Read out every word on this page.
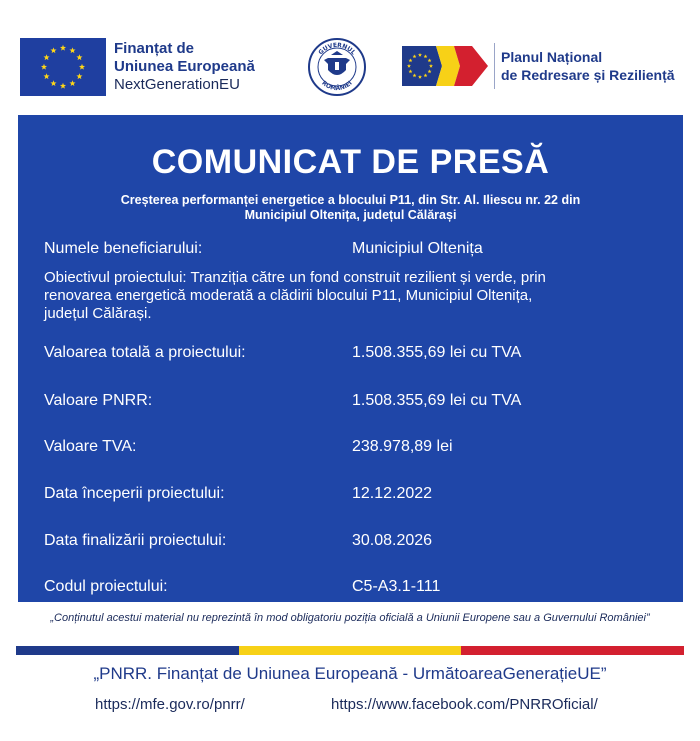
Finanțat de
Uniunea Europeană
NextGenerationEU
GUVERNUL
ROMÂNIEI
Planul Național
de Redresare și Reziliență
COMUNICAT DE PRESĂ
Creșterea performanței energetice a blocului P11, din Str. Al. Iliescu nr. 22 din
Municipiul Oltenița, județul Călărași
Numele beneficiarului:	Municipiul Oltenița
Obiectivul proiectului: Tranziția către un fond construit rezilient și verde, prin
renovarea energetică moderată a clădirii blocului P11, Municipiul Oltenița,
județul Călărași.
Valoarea totală a proiectului:	1.508.355,69 lei cu TVA
Valoare PNRR:	1.508.355,69 lei cu TVA
Valoare TVA:	238.978,89 lei
Data începerii proiectului:	12.12.2022
Data finalizării proiectului:	30.08.2026
Codul proiectului:	C5-A3.1-111
„Conținutul acestui material nu reprezintă în mod obligatoriu poziția oficială a Uniunii Europene sau a Guvernului României”
„PNRR. Finanțat de Uniunea Europeană - UrmătoareaGenerațieUE”
https://mfe.gov.ro/pnrr/	https://www.facebook.com/PNRROficial/
